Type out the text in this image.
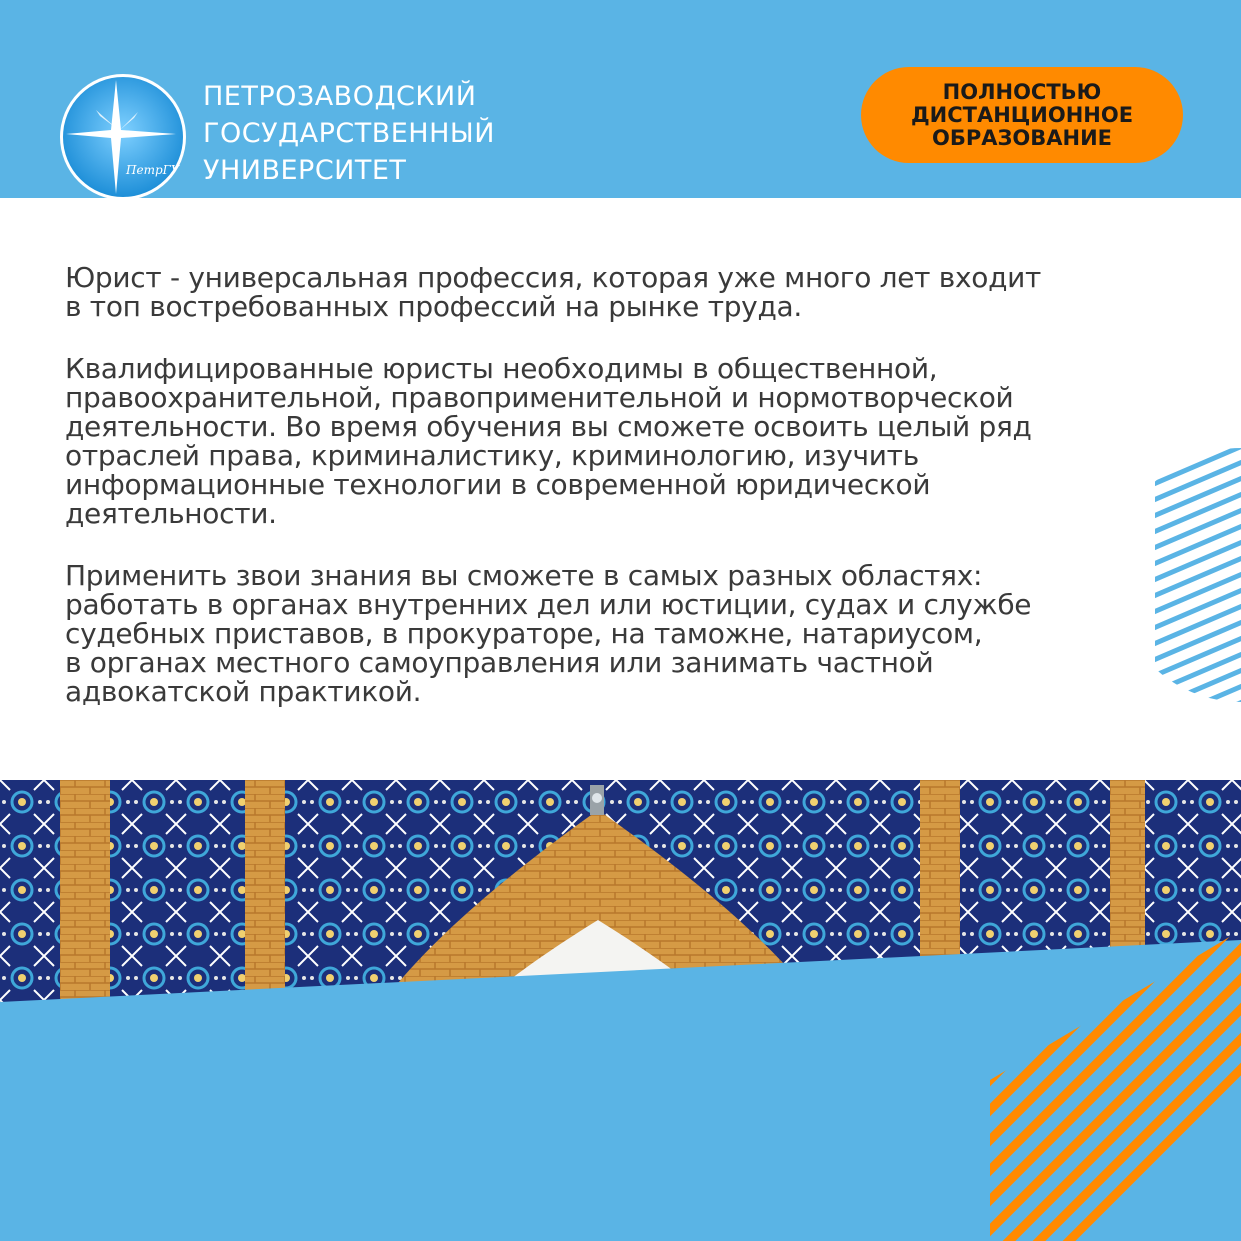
ПетрГУ
ПЕТРОЗАВОДСКИЙ
ГОСУДАРСТВЕННЫЙ
УНИВЕРСИТЕТ
ПОЛНОСТЬЮ
ДИСТАНЦИОННОЕ
ОБРАЗОВАНИЕ

Юрист - универсальная профессия, которая уже много лет входит
в топ востребованных профессий на рынке труда.

Квалифицированные юристы необходимы в общественной,
правоохранительной, правоприменительной и нормотворческой
деятельности. Во время обучения вы сможете освоить целый ряд
отраслей права, криминалистику, криминологию, изучить
информационные технологии в современной юридической
деятельности.

Применить звои знания вы сможете в самых разных областях:
работать в органах внутренних дел или юстиции, судах и службе
судебных приставов, в прокураторе, на таможне, натариусом,
в органах местного самоуправления или занимать частной
адвокатской практикой.
